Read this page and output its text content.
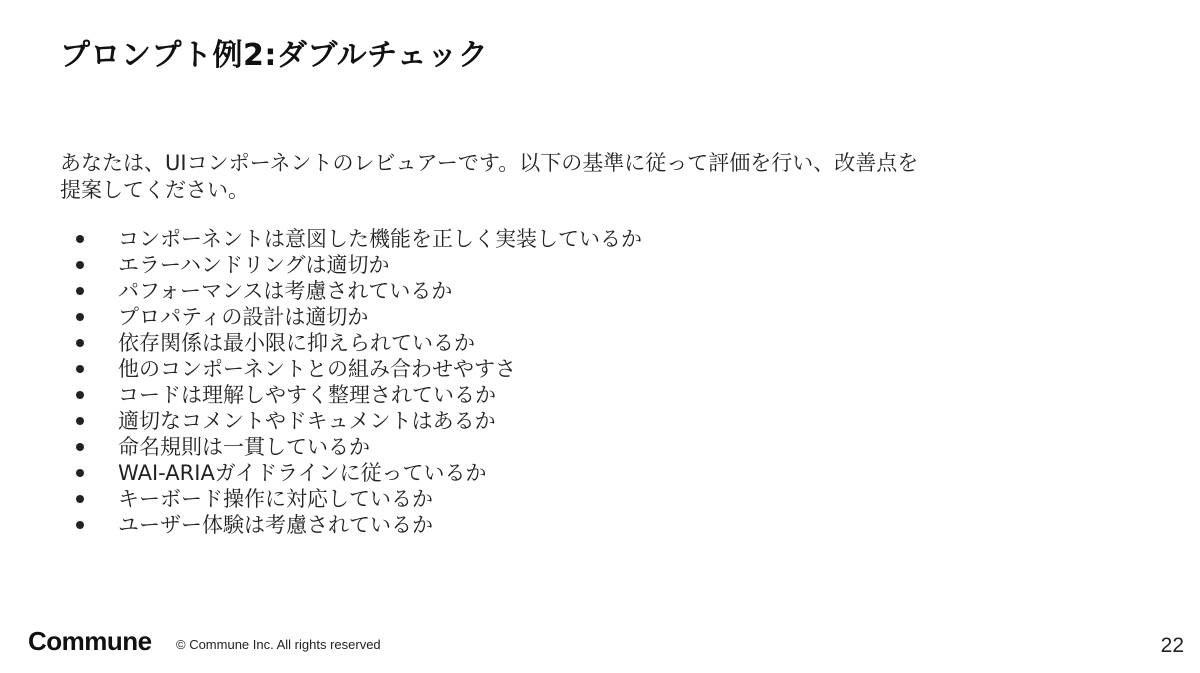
プロンプト例2:ダブルチェック

あなたは、UIコンポーネントのレビュアーです。以下の基準に従って評価を行い、改善点を
提案してください。

コンポーネントは意図した機能を正しく実装しているか
エラーハンドリングは適切か
パフォーマンスは考慮されているか
プロパティの設計は適切か
依存関係は最小限に抑えられているか
他のコンポーネントとの組み合わせやすさ
コードは理解しやすく整理されているか
適切なコメントやドキュメントはあるか
命名規則は一貫しているか
WAI-ARIAガイドラインに従っているか
キーボード操作に対応しているか
ユーザー体験は考慮されているか
Commune © Commune Inc. All rights reserved	22
